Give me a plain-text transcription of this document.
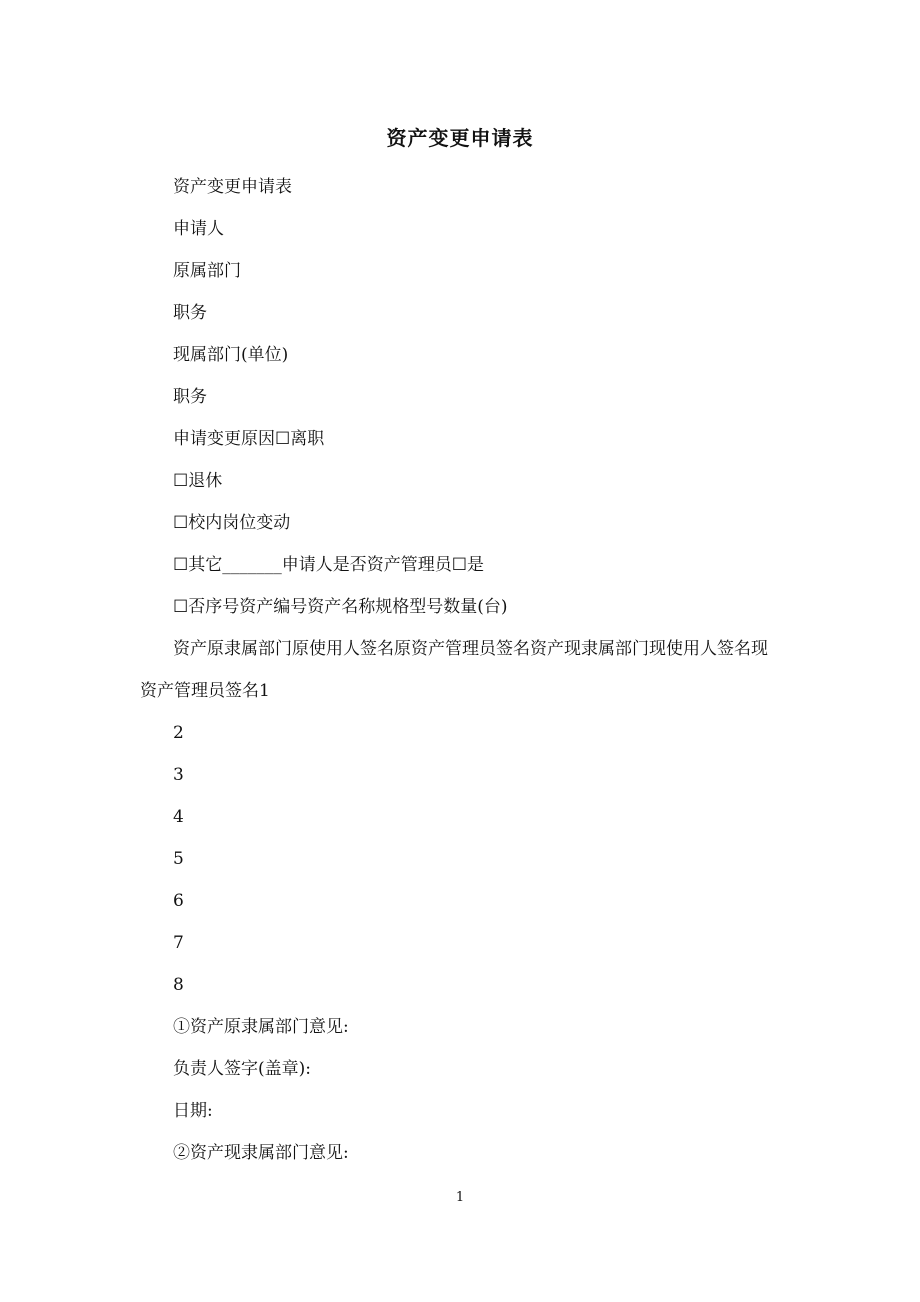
资产变更申请表

资产变更申请表

申请人

原属部门

职务

现属部门(单位)

职务

申请变更原因☐离职

☐退休

☐校内岗位变动

☐其它_______申请人是否资产管理员☐是

☐否序号资产编号资产名称规格型号数量(台)

资产原隶属部门原使用人签名原资产管理员签名资产现隶属部门现使用人签名现资产管理员签名1

2

3

4

5

6

7

8

①资产原隶属部门意见:

负责人签字(盖章):

日期:

②资产现隶属部门意见:

1
